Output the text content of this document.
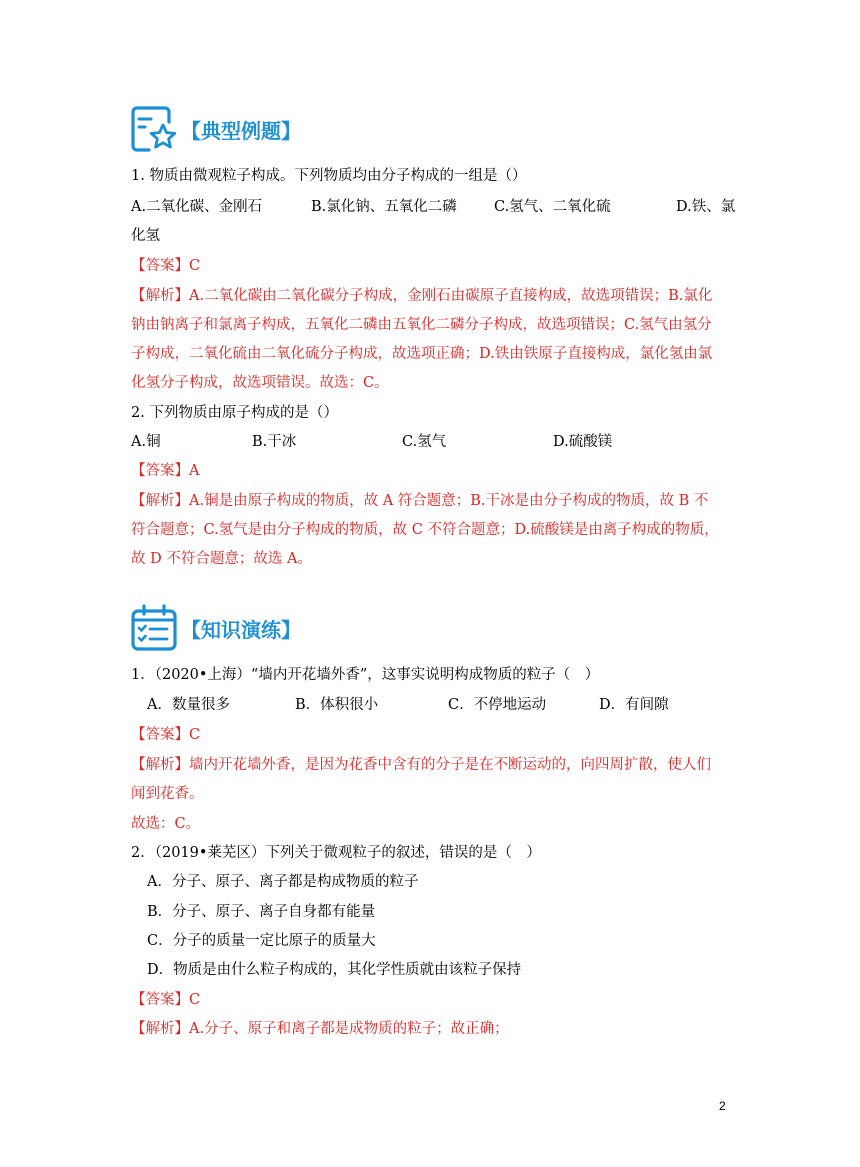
【典型例题】
1. 物质由微观粒子构成。下列物质均由分子构成的一组是（）
A.二氧化碳、金刚石	B.氯化钠、五氧化二磷	C.氢气、二氧化硫	D.铁、氯
化氢
【答案】C
【解析】A.二氧化碳由二氧化碳分子构成，金刚石由碳原子直接构成，故选项错误；B.氯化
钠由钠离子和氯离子构成，五氧化二磷由五氧化二磷分子构成，故选项错误；C.氢气由氢分
子构成，二氧化硫由二氧化硫分子构成，故选项正确；D.铁由铁原子直接构成，氯化氢由氯
化氢分子构成，故选项错误。故选：C。
2. 下列物质由原子构成的是（）
A.铜	B.干冰	C.氢气	D.硫酸镁
【答案】A
【解析】A.铜是由原子构成的物质，故 A 符合题意；B.干冰是由分子构成的物质，故 B 不
符合题意；C.氢气是由分子构成的物质，故 C 不符合题意；D.硫酸镁是由离子构成的物质，
故 D 不符合题意；故选 A。
【知识演练】
1．（2020•上海）“墙内开花墙外香”，这事实说明构成物质的粒子（　）
A．数量很多	B．体积很小	C．不停地运动	D．有间隙
【答案】C
【解析】墙内开花墙外香，是因为花香中含有的分子是在不断运动的，向四周扩散，使人们
闻到花香。
故选：C。
2．（2019•莱芜区）下列关于微观粒子的叙述，错误的是（　）
A．分子、原子、离子都是构成物质的粒子
B．分子、原子、离子自身都有能量
C．分子的质量一定比原子的质量大
D．物质是由什么粒子构成的，其化学性质就由该粒子保持
【答案】C
【解析】A.分子、原子和离子都是成物质的粒子；故正确；
2
